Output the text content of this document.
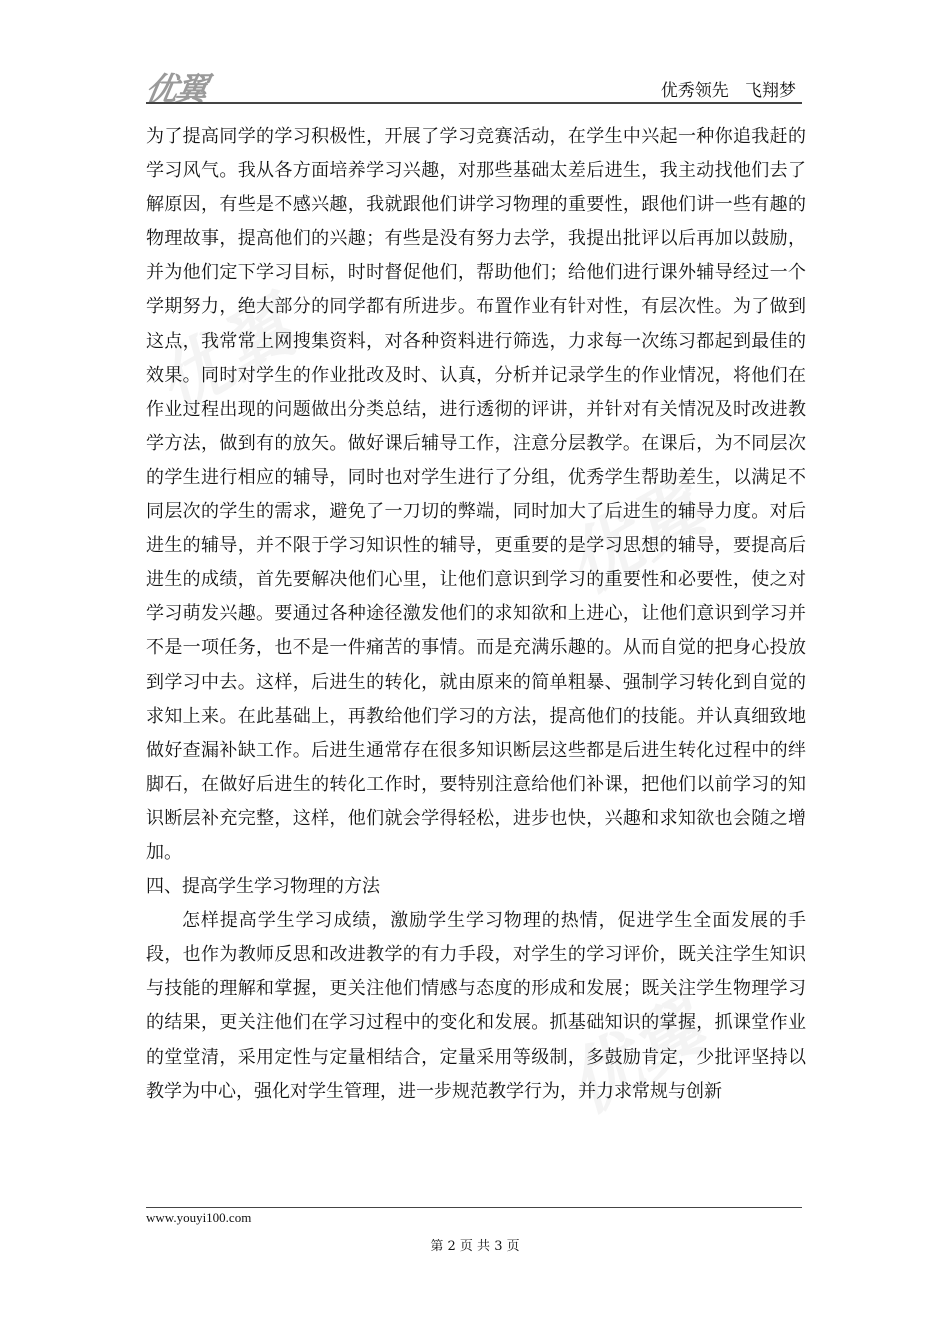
优翼
优翼
优翼
优翼	优秀领先   飞翔梦

为了提高同学的学习积极性，开展了学习竞赛活动，在学生中兴起一种你追我赶的学习风气。我从各方面培养学习兴趣，对那些基础太差后进生，我主动找他们去了解原因，有些是不感兴趣，我就跟他们讲学习物理的重要性，跟他们讲一些有趣的物理故事，提高他们的兴趣；有些是没有努力去学，我提出批评以后再加以鼓励，并为他们定下学习目标，时时督促他们，帮助他们；给他们进行课外辅导经过一个学期努力，绝大部分的同学都有所进步。布置作业有针对性，有层次性。为了做到这点，我常常上网搜集资料，对各种资料进行筛选，力求每一次练习都起到最佳的效果。同时对学生的作业批改及时、认真，分析并记录学生的作业情况，将他们在作业过程出现的问题做出分类总结，进行透彻的评讲，并针对有关情况及时改进教学方法，做到有的放矢。做好课后辅导工作，注意分层教学。在课后，为不同层次的学生进行相应的辅导，同时也对学生进行了分组，优秀学生帮助差生，以满足不同层次的学生的需求，避免了一刀切的弊端，同时加大了后进生的辅导力度。对后进生的辅导，并不限于学习知识性的辅导，更重要的是学习思想的辅导，要提高后进生的成绩，首先要解决他们心里，让他们意识到学习的重要性和必要性，使之对学习萌发兴趣。要通过各种途径激发他们的求知欲和上进心，让他们意识到学习并不是一项任务，也不是一件痛苦的事情。而是充满乐趣的。从而自觉的把身心投放到学习中去。这样，后进生的转化，就由原来的简单粗暴、强制学习转化到自觉的求知上来。在此基础上，再教给他们学习的方法，提高他们的技能。并认真细致地做好查漏补缺工作。后进生通常存在很多知识断层这些都是后进生转化过程中的绊脚石，在做好后进生的转化工作时，要特别注意给他们补课，把他们以前学习的知识断层补充完整，这样，他们就会学得轻松，进步也快，兴趣和求知欲也会随之增加。

四、提高学生学习物理的方法

怎样提高学生学习成绩，激励学生学习物理的热情，促进学生全面发展的手段，也作为教师反思和改进教学的有力手段，对学生的学习评价，既关注学生知识与技能的理解和掌握，更关注他们情感与态度的形成和发展；既关注学生物理学习的结果，更关注他们在学习过程中的变化和发展。抓基础知识的掌握，抓课堂作业的堂堂清，采用定性与定量相结合，定量采用等级制，多鼓励肯定，少批评坚持以教学为中心，强化对学生管理，进一步规范教学行为，并力求常规与创新

www.youyi100.com
第 2 页 共 3 页
